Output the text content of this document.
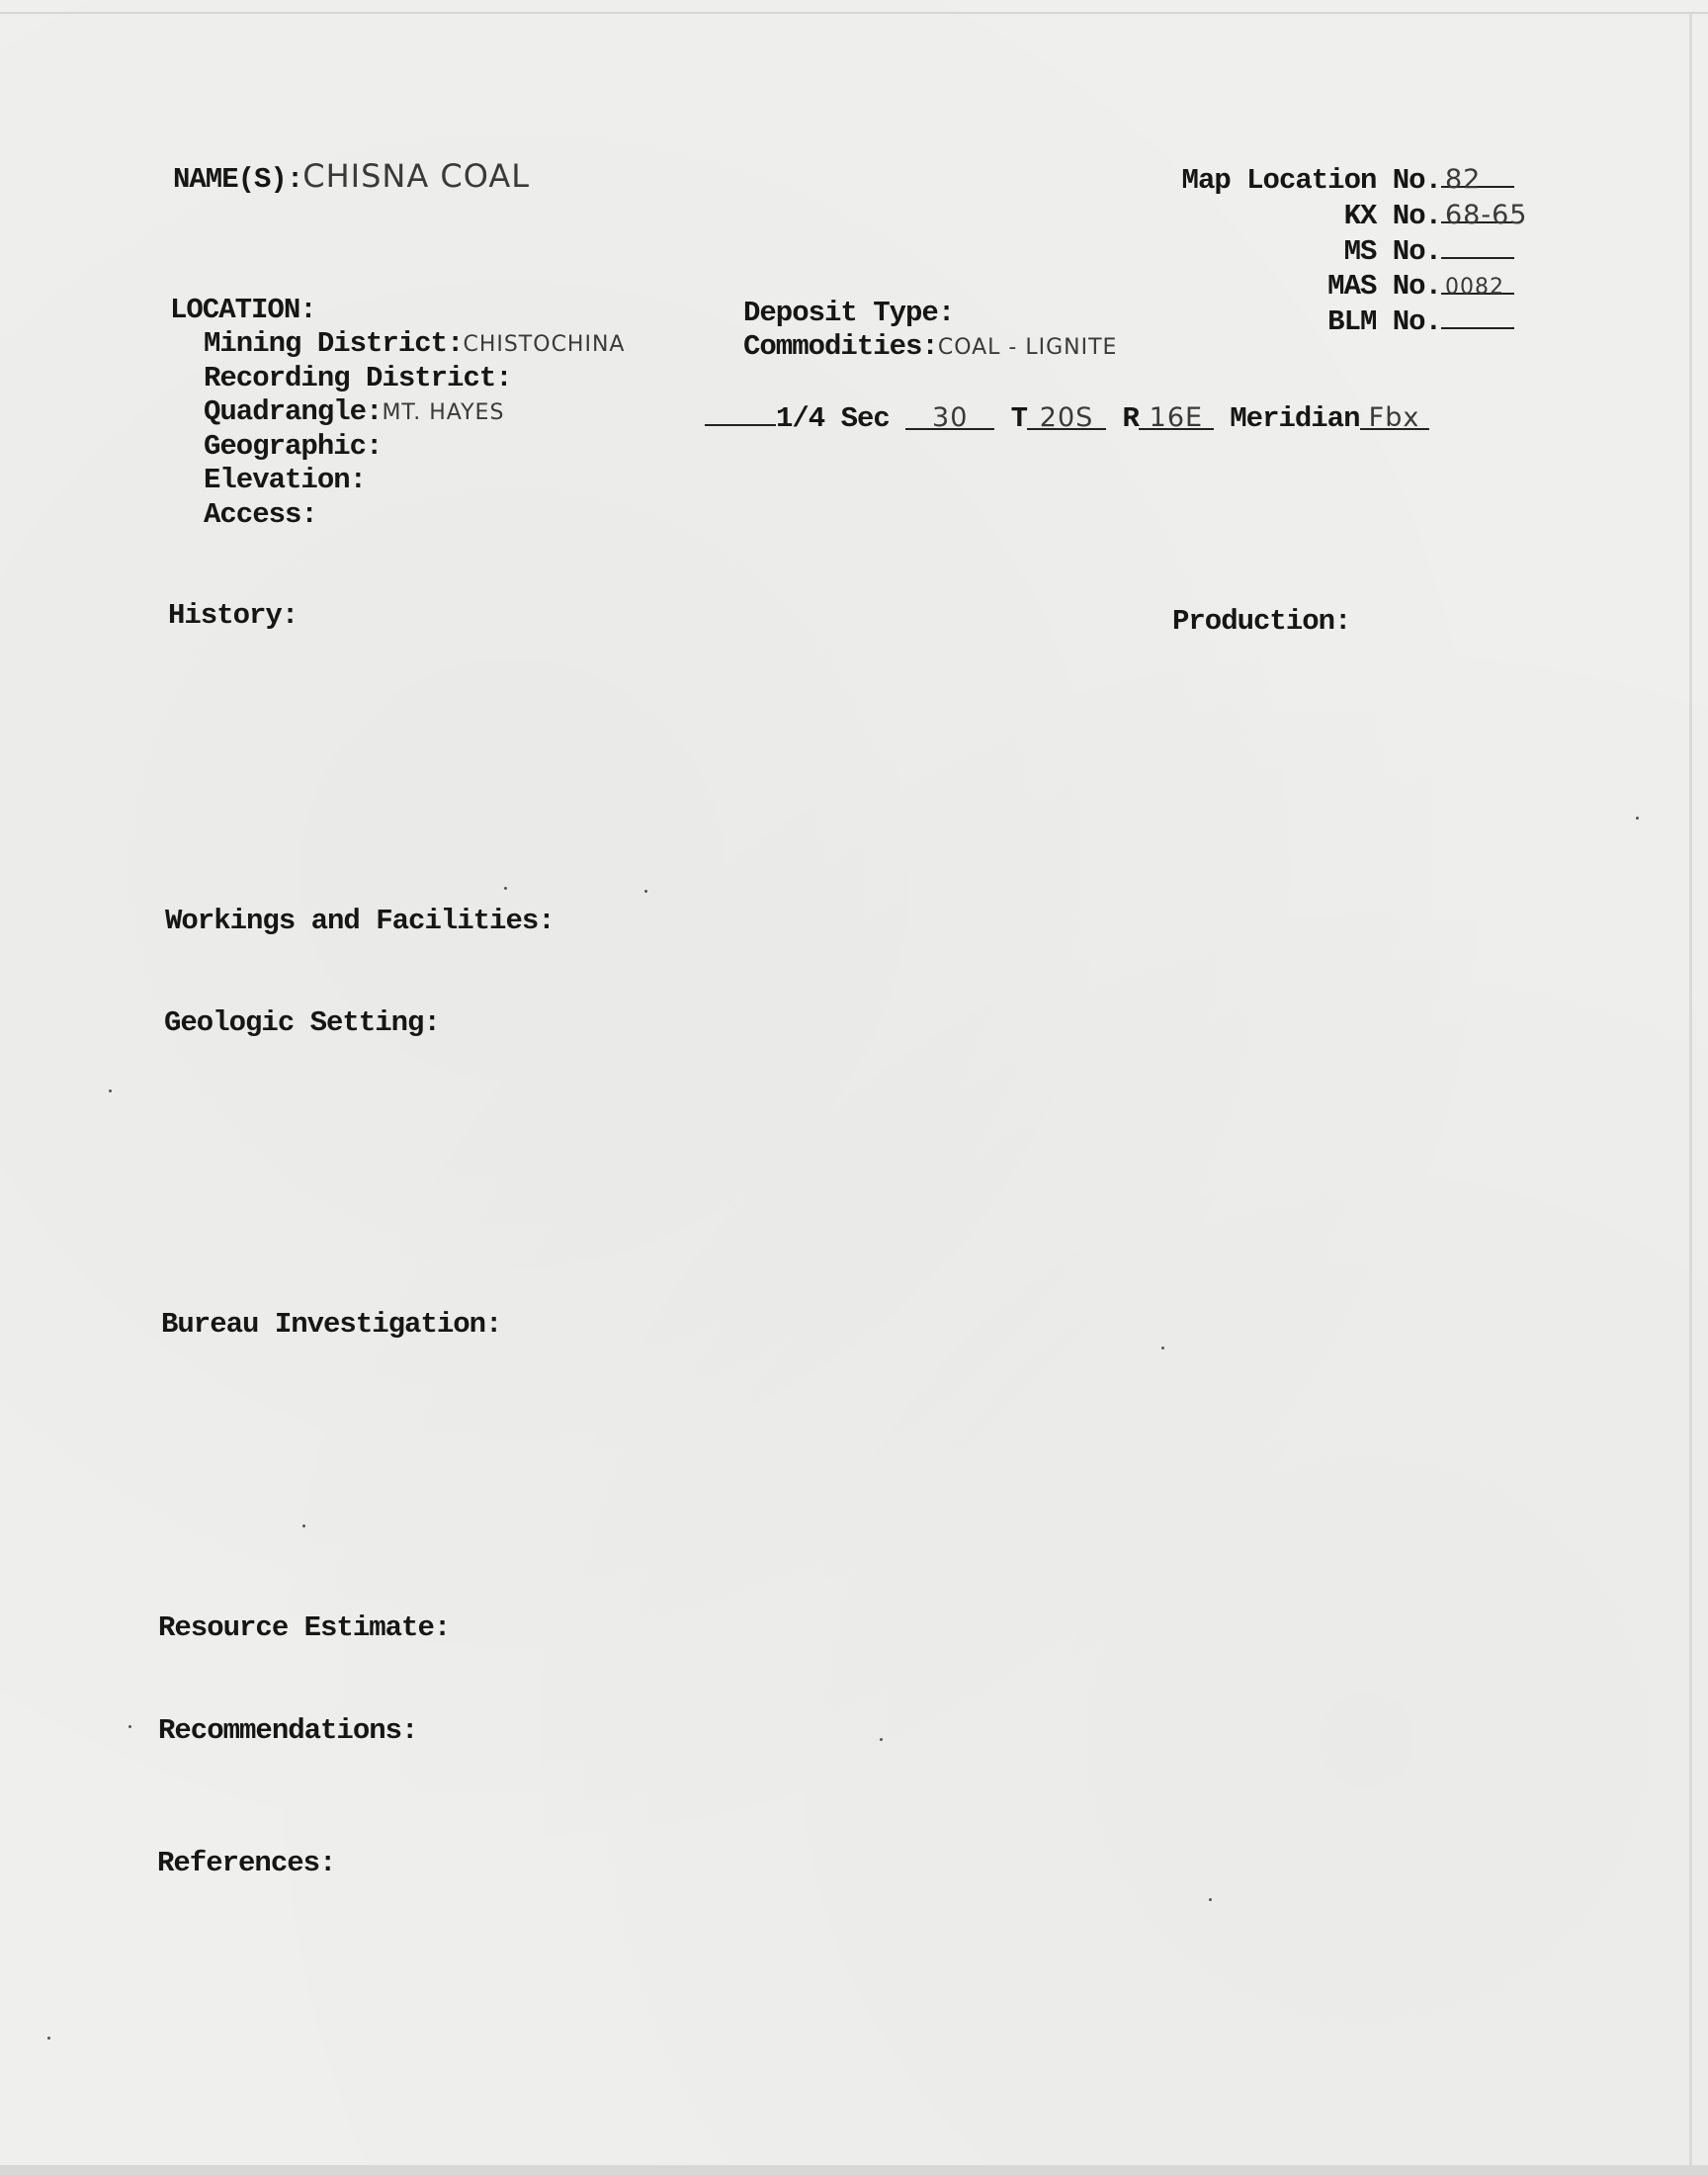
NAME(S):CHISNA COAL	Map Location No. 82
KX No. 68-65
MS No.
MAS No. 0082
BLM No.
LOCATION:
Mining District:CHISTOCHINA
Recording District:
Quadrangle:MT. HAYES
Geographic:
Elevation:
Access:
Deposit Type:
Commodities:COAL - LIGNITE
1/4 Sec 30 T 20S R 16E Meridian Fbx
History:	Production:
Workings and Facilities:
Geologic Setting:
Bureau Investigation:
Resource Estimate:
Recommendations:
References:
